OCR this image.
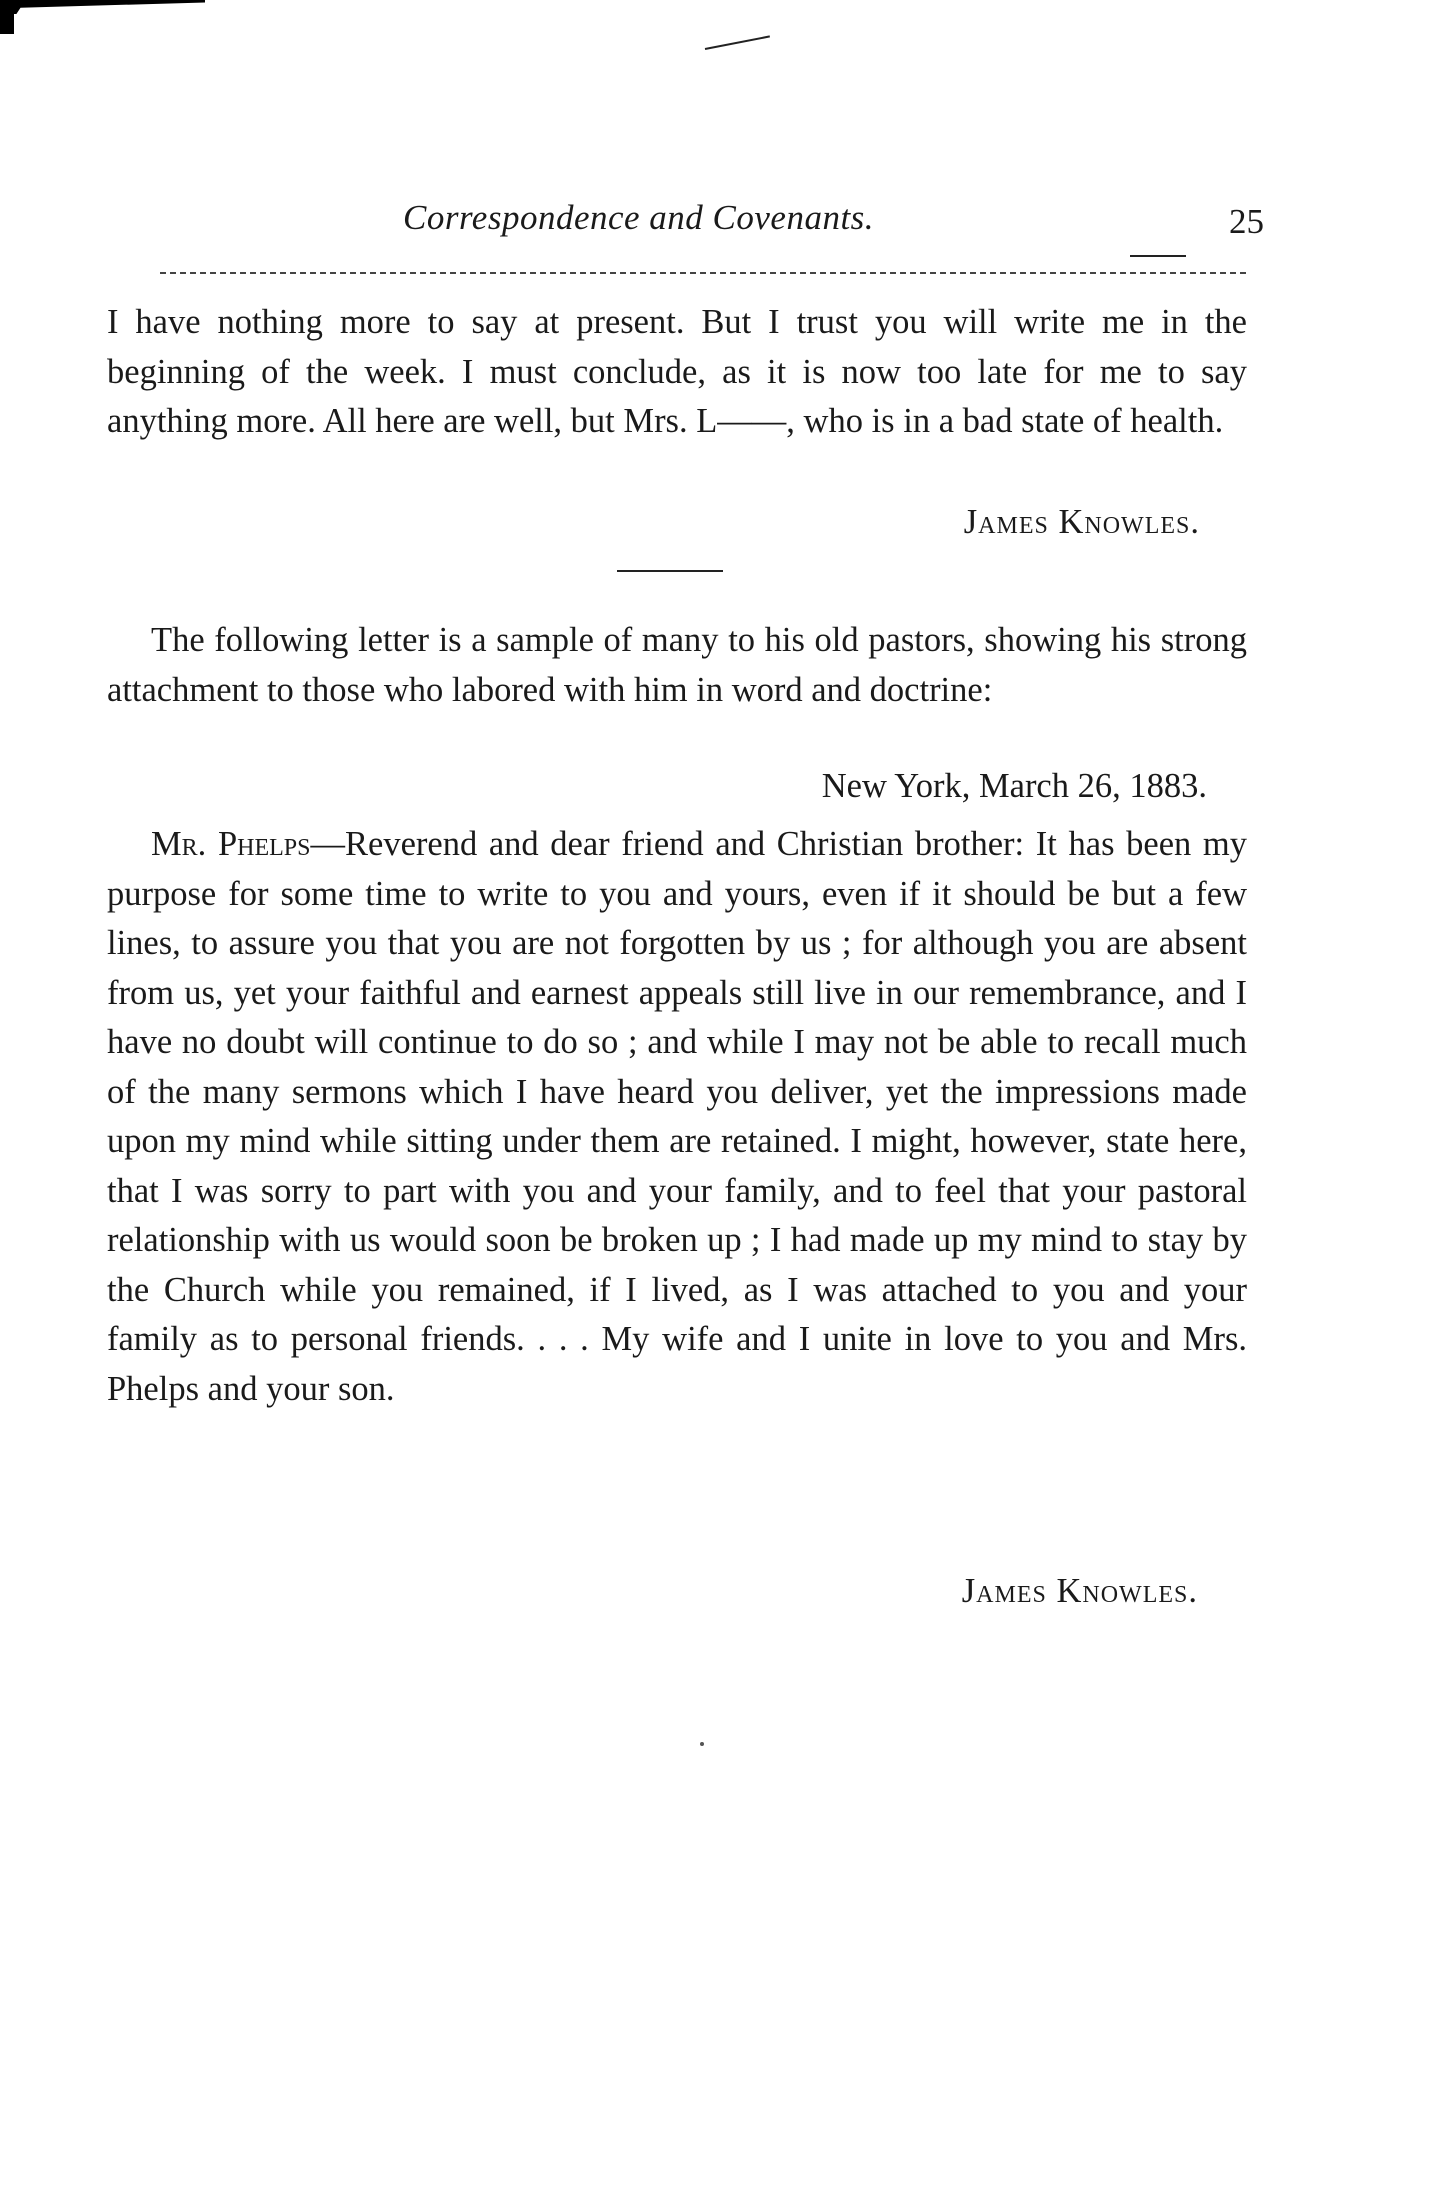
Correspondence and Covenants.	25

I have nothing more to say at present. But I trust you will write me in the beginning of the week. I must conclude, as it is now too late for me to say anything more. All here are well, but Mrs. L——, who is in a bad state of health.

James Knowles.

The following letter is a sample of many to his old pastors, showing his strong attachment to those who labored with him in word and doctrine:

New York, March 26, 1883.

Mr. Phelps—Reverend and dear friend and Christian brother: It has been my purpose for some time to write to you and yours, even if it should be but a few lines, to assure you that you are not forgotten by us ; for although you are absent from us, yet your faithful and earnest appeals still live in our remembrance, and I have no doubt will continue to do so ; and while I may not be able to recall much of the many sermons which I have heard you deliver, yet the impressions made upon my mind while sitting under them are retained. I might, however, state here, that I was sorry to part with you and your family, and to feel that your pastoral relationship with us would soon be broken up ; I had made up my mind to stay by the Church while you remained, if I lived, as I was attached to you and your family as to personal friends. . . . My wife and I unite in love to you and Mrs. Phelps and your son.

James Knowles.
